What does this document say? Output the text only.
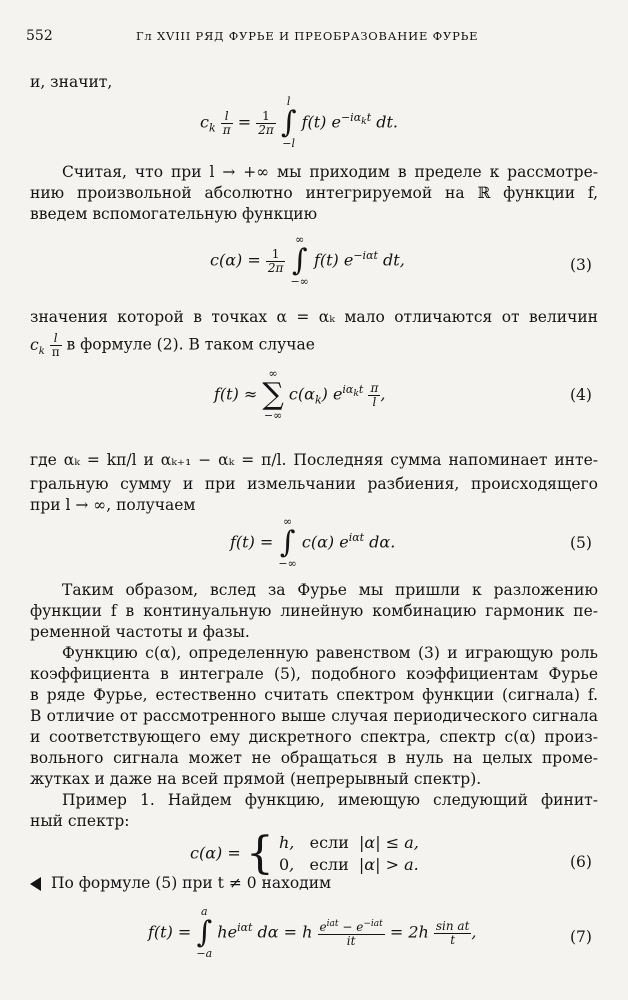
552	Гл XVIII РЯД ФУРЬЕ И ПРЕОБРАЗОВАНИЕ ФУРЬЕ
и, значит,
$c_k \frac{l}{\pi} = \frac{1}{2\pi}$

l
∫
−l
f(t) $e^{-i\alpha_kt}$ dt.
Считая, что при l → +∞ мы приходим в пределе к рассмотре-
нию произвольной абсолютно интегрируемой на ℝ функции f,
введем вспомогательную функцию
$c(\alpha) = \frac{1}{2\pi}$

∞
∫
−∞
f(t) $e^{-i\alpha t}$ dt,	(3)
значения которой в точках α = αₖ мало отличаются от величин
$c_k \frac{l}{\pi}$ в формуле (2). В таком случае
f(t) ≈
∞
∑
−∞
$c(\alpha_k)$ $e^{i\alpha_kt} \frac{\pi}{l}$ ,	(4)
где αₖ = kπ/l и αₖ₊₁ − αₖ = π/l. Последняя сумма напоминает инте-
гральную сумму и при измельчании разбиения, происходящего
при l → ∞, получаем
f(t) =
∞
∫
−∞
c(α) $e^{i\alpha t}$ dα.	(5)
Таким образом, вслед за Фурье мы пришли к разложению
функции f в континуальную линейную комбинацию гармоник пе-
ременной частоты и фазы.
Функцию c(α), определенную равенством (3) и играющую роль
коэффициента в интеграле (5), подобного коэффициентам Фурье
в ряде Фурье, естественно считать спектром функции (сигнала) f.
В отличие от рассмотренного выше случая периодического сигнала
и соответствующего ему дискретного спектра, спектр c(α) произ-
вольного сигнала может не обращаться в нуль на целых проме-
жутках и даже на всей прямой (непрерывный спектр).
Пример 1. Найдем функцию, имеющую следующий финит-
ный спектр:
c(α) = { h,   если  |α| ≤ a,
0,   если  |α| > a.	(6)
По формуле (5) при t ≠ 0 находим
f(t) =
a
∫
−a
$he^{i\alpha t}$ dα = h $\frac{e^{iat} - e^{-iat}}{it} = 2h \frac{\text{sin at}}{t}$ ,	(7)
